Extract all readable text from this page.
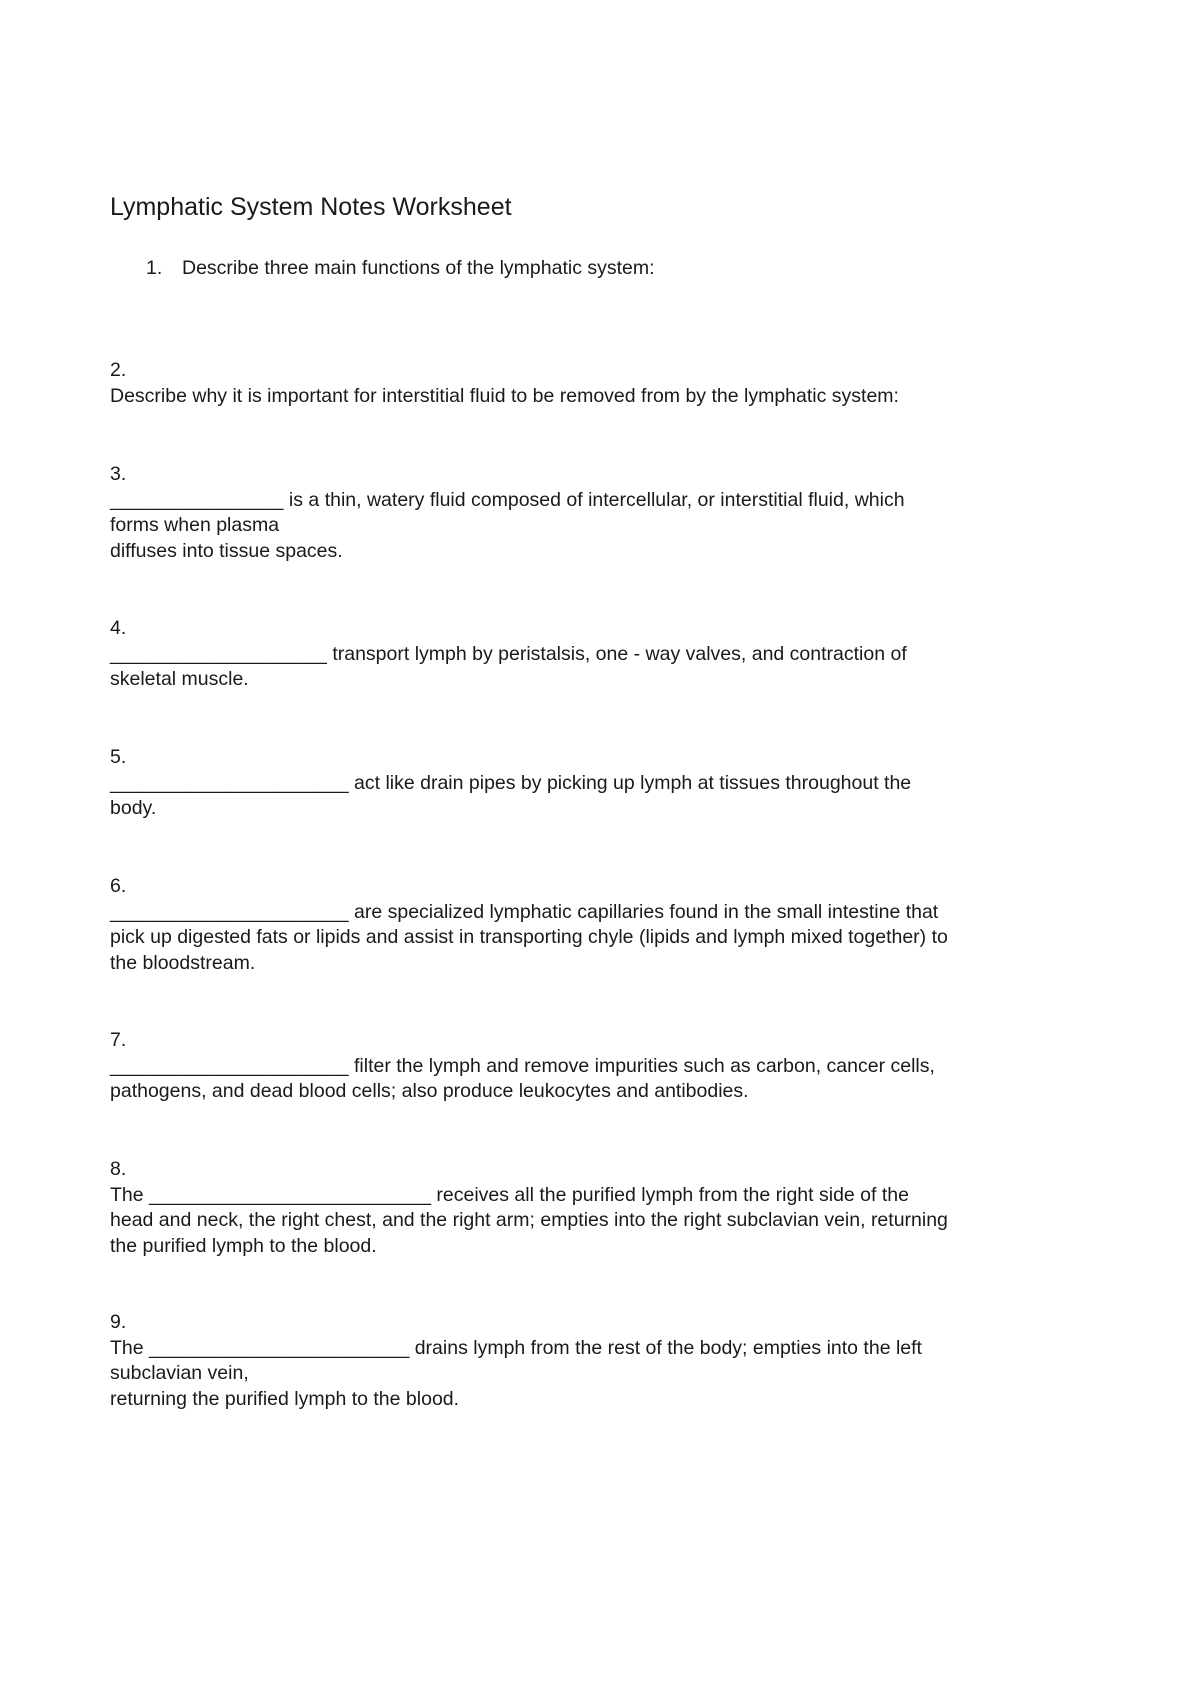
Lymphatic System Notes Worksheet
1. Describe three main functions of the lymphatic system:
2.
Describe why it is important for interstitial fluid to be removed from by the lymphatic system:
3.
________________ is a thin, watery fluid composed of intercellular, or interstitial fluid, which
forms when plasma
diffuses into tissue spaces.
4.
____________________ transport lymph by peristalsis, one - way valves, and contraction of
skeletal muscle.
5.
______________________ act like drain pipes by picking up lymph at tissues throughout the
body.
6.
______________________ are specialized lymphatic capillaries found in the small intestine that
pick up digested fats or lipids and assist in transporting chyle (lipids and lymph mixed together) to
the bloodstream.
7.
______________________ filter the lymph and remove impurities such as carbon, cancer cells,
pathogens, and dead blood cells; also produce leukocytes and antibodies.
8.
The __________________________ receives all the purified lymph from the right side of the
head and neck, the right chest, and the right arm; empties into the right subclavian vein, returning
the purified lymph to the blood.
9.
The ________________________ drains lymph from the rest of the body; empties into the left
subclavian vein,
returning the purified lymph to the blood.
